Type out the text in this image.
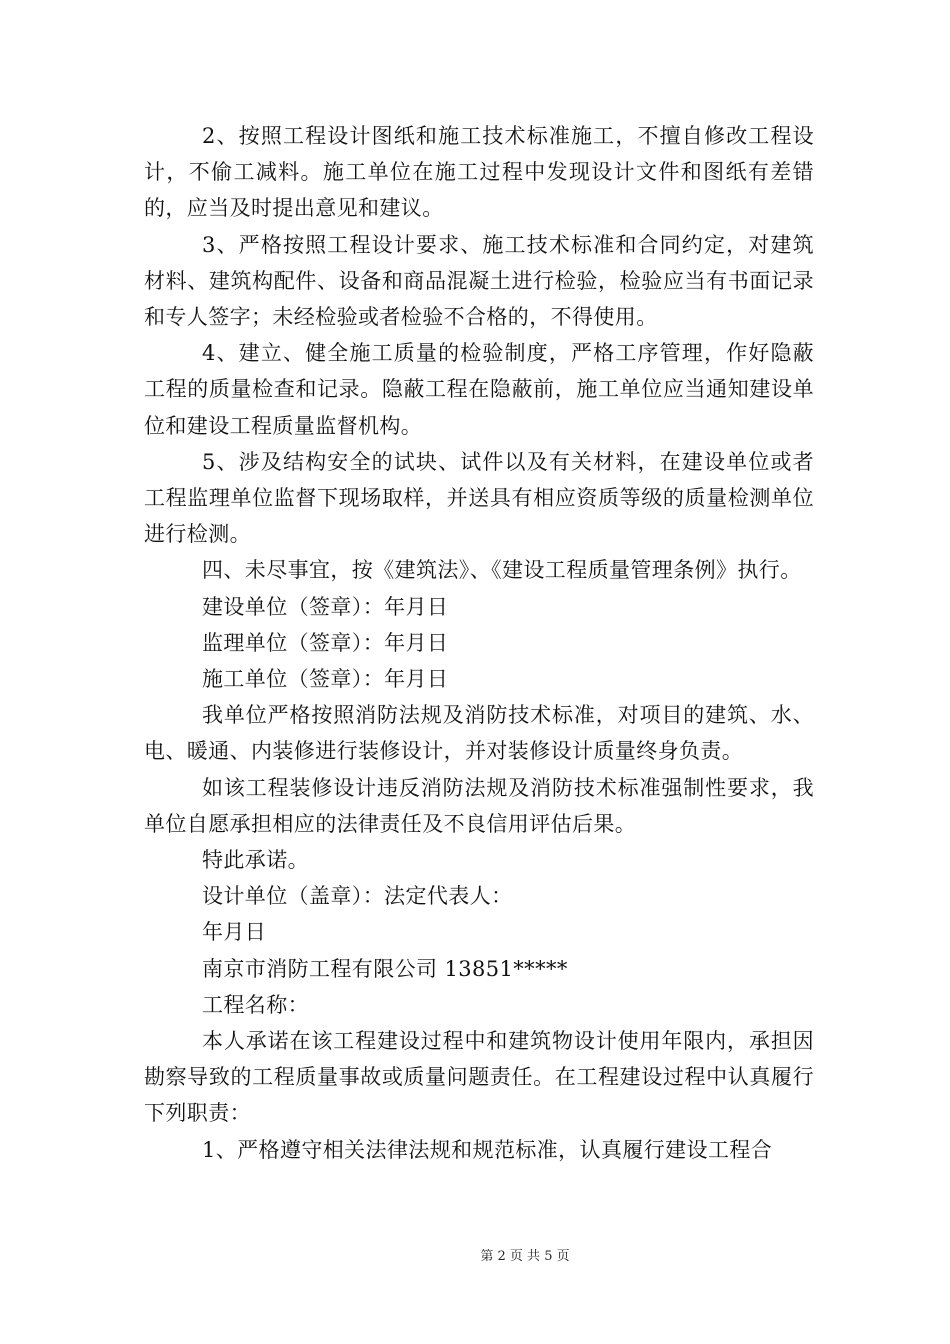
2、按照工程设计图纸和施工技术标准施工，不擅自修改工程设计，不偷工减料。施工单位在施工过程中发现设计文件和图纸有差错的，应当及时提出意见和建议。

3、严格按照工程设计要求、施工技术标准和合同约定，对建筑材料、建筑构配件、设备和商品混凝土进行检验，检验应当有书面记录和专人签字；未经检验或者检验不合格的，不得使用。

4、建立、健全施工质量的检验制度，严格工序管理，作好隐蔽工程的质量检查和记录。隐蔽工程在隐蔽前，施工单位应当通知建设单位和建设工程质量监督机构。

5、涉及结构安全的试块、试件以及有关材料，在建设单位或者工程监理单位监督下现场取样，并送具有相应资质等级的质量检测单位进行检测。

四、未尽事宜，按《建筑法》、《建设工程质量管理条例》执行。

建设单位（签章）：年月日

监理单位（签章）：年月日

施工单位（签章）：年月日

我单位严格按照消防法规及消防技术标准，对项目的建筑、水、电、暖通、内装修进行装修设计，并对装修设计质量终身负责。

如该工程装修设计违反消防法规及消防技术标准强制性要求，我单位自愿承担相应的法律责任及不良信用评估后果。

特此承诺。

设计单位（盖章）：法定代表人：

年月日

南京市消防工程有限公司 13851*****

工程名称：

本人承诺在该工程建设过程中和建筑物设计使用年限内，承担因勘察导致的工程质量事故或质量问题责任。在工程建设过程中认真履行下列职责：

1、严格遵守相关法律法规和规范标准，认真履行建设工程合

第 2 页 共 5 页
